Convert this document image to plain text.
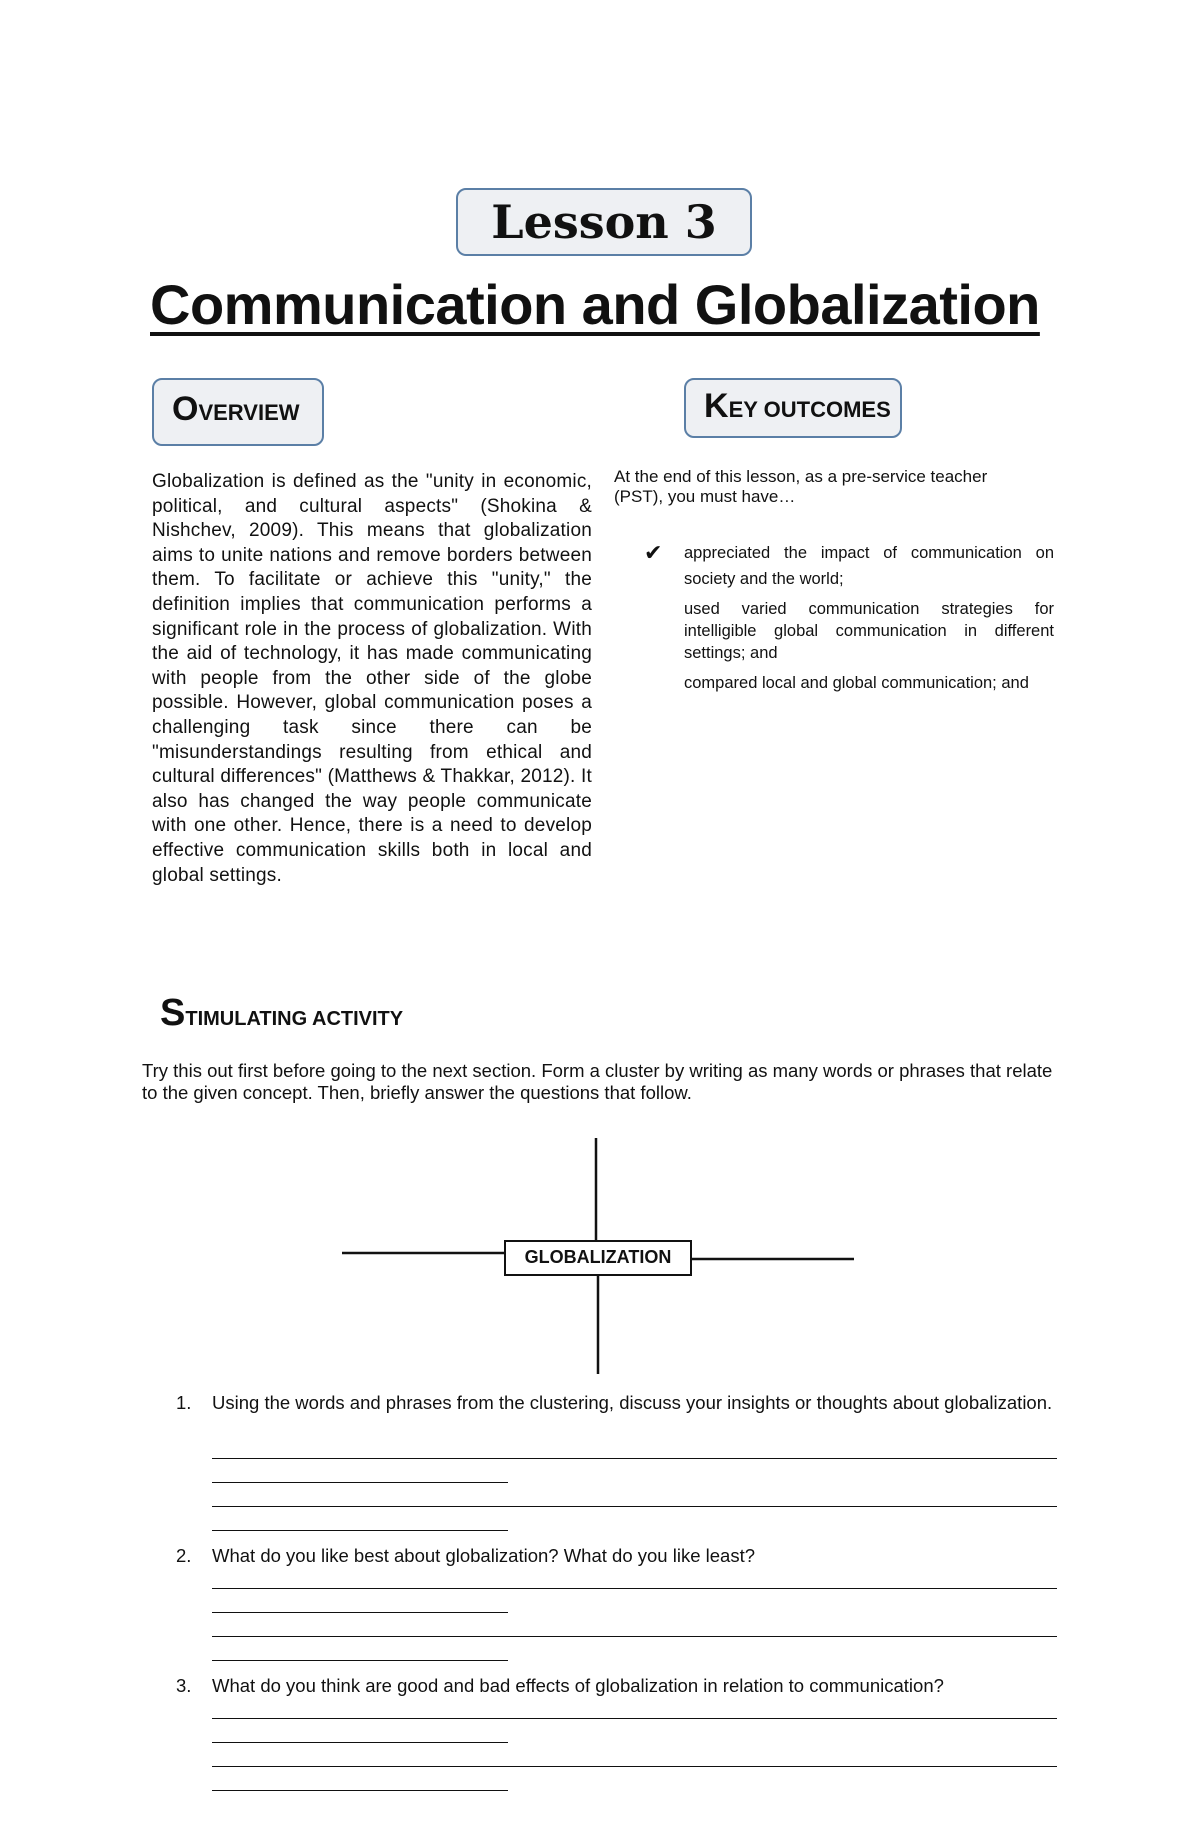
Lesson 3
Communication and Globalization
OVERVIEW
Globalization is defined as the "unity in economic, political, and cultural aspects" (Shokina & Nishchev, 2009). This means that globalization aims to unite nations and remove borders between them. To facilitate or achieve this "unity," the definition implies that communication performs a significant role in the process of globalization. With the aid of technology, it has made communicating with people from the other side of the globe possible. However, global communication poses a challenging task since there can be "misunderstandings resulting from ethical and cultural differences" (Matthews & Thakkar, 2012). It also has changed the way people communicate with one other. Hence, there is a need to develop effective communication skills both in local and global settings.
KEY OUTCOMES
At the end of this lesson, as a pre-service teacher (PST), you must have…
✔ appreciated the impact of communication on society and the world;
used varied communication strategies for intelligible global communication in different settings; and
compared local and global communication; and
STIMULATING ACTIVITY
Try this out first before going to the next section. Form a cluster by writing as many words or phrases that relate to the given concept. Then, briefly answer the questions that follow.
GLOBALIZATION
1. Using the words and phrases from the clustering, discuss your insights or thoughts about globalization.
2. What do you like best about globalization? What do you like least?
3. What do you think are good and bad effects of globalization in relation to communication?
